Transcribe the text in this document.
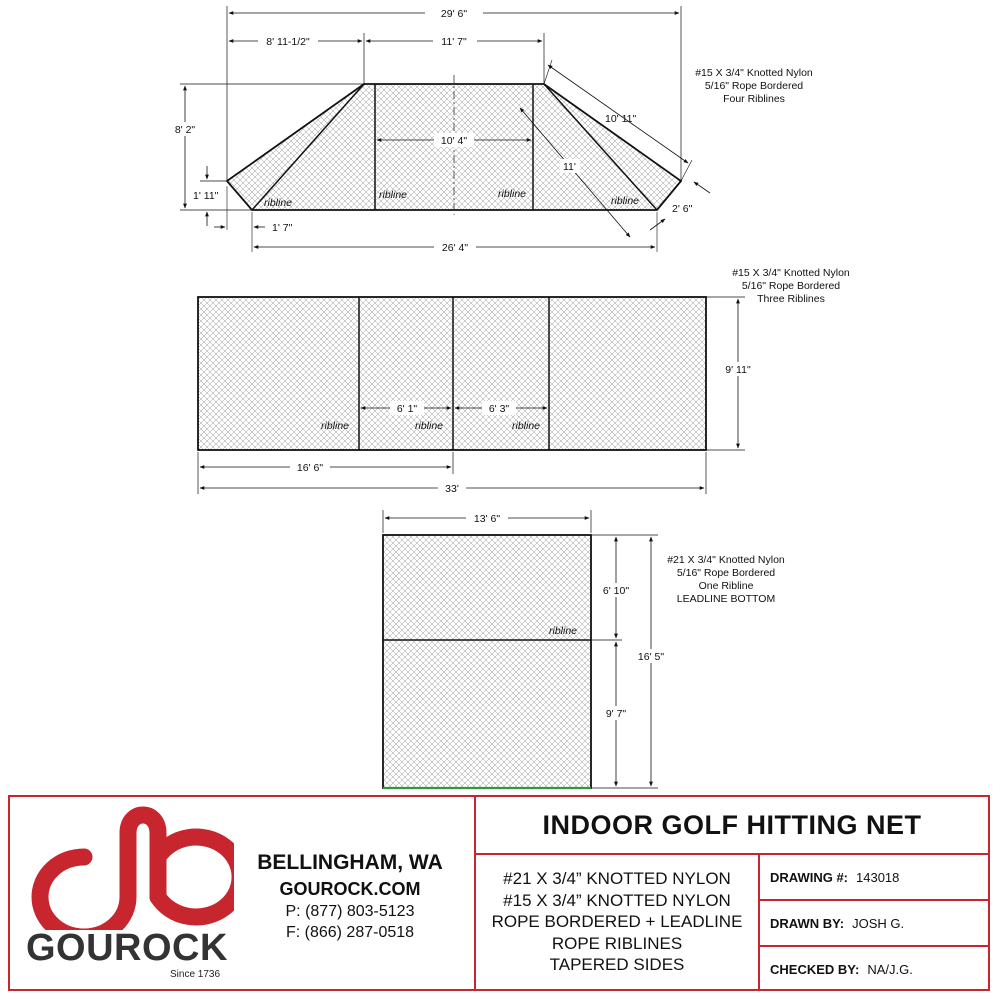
29' 6"
8' 11-1/2"	11' 7"
8' 2"
1' 11"
10' 4"
10' 11"
11'
2' 6"
1' 7"
26' 4"
ribline
ribline	ribline
ribline
#15 X 3/4" Knotted Nylon
5/16" Rope Bordered
Four Riblines
6' 1"	6' 3"
ribline	ribline	ribline
9' 11"
16' 6"
33'
#15 X 3/4" Knotted Nylon
5/16" Rope Bordered
Three Riblines
ribline
13' 6"
6' 10"
9' 7"
16' 5"
#21 X 3/4" Knotted Nylon
5/16" Rope Bordered
One Ribline
LEADLINE BOTTOM
GOUROCK
Since 1736
BELLINGHAM, WA
GOUROCK.COM
P: (877) 803-5123
F: (866) 287-0518
INDOOR GOLF HITTING NET
#21 X 3/4” KNOTTED NYLON
#15 X 3/4” KNOTTED NYLON
ROPE BORDERED + LEADLINE
ROPE RIBLINES
TAPERED SIDES
DRAWING #: 143018
DRAWN BY: JOSH G.
CHECKED BY: NA/J.G.
